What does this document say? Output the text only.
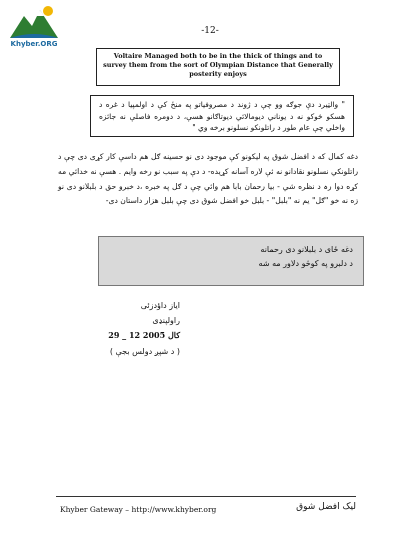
Khyber.ORG
-12-
Voltaire Managed both to be in the thick of things and to survey them from the sort of Olympian Distance that Generally posterity enjoys
" والټيرد دې جوګه وو چې د ژوند د مصروفياتو په منځ کې د اولمپيا د غره د هسکو څوکو نه د يوناني ديومالائي ديوتاګانو هسې، د دومره فاصلې نه جائزه واخلي چې عام طور د راتلونکو نسلونو برخه وي "
دغه کمال که د افضل شوق په ليکونو کې موجود دی نو حسينه ګل هم داسې کار کړی دی چې د راتلونکي نسلونو نقادانو نه ئې لاره آسانه کړيده- د دې په سبب نو رخه وايم . هسې نه خدائي مه کړه دوا رہ د نظره شي - بيا رحمان بابا هم وائي چې د ګل په خبره ،د خبرو حق د بلبلانو دی نو زه نه خو "ګل" يم نه "بلبل" - بلبل خو افضل شوق دی چې بلبل هزار داستان دی-
دغه ځای د بلبلانو دی رحمانه
د دلبرو په کوڅو دلاور مه شه
اياز داؤدزئی
راولپنډی
29 _ 12 كال 2005
( د شپږ دولس بجې )
Khyber Gateway – http://www.khyber.org	ليک افضل شوق
